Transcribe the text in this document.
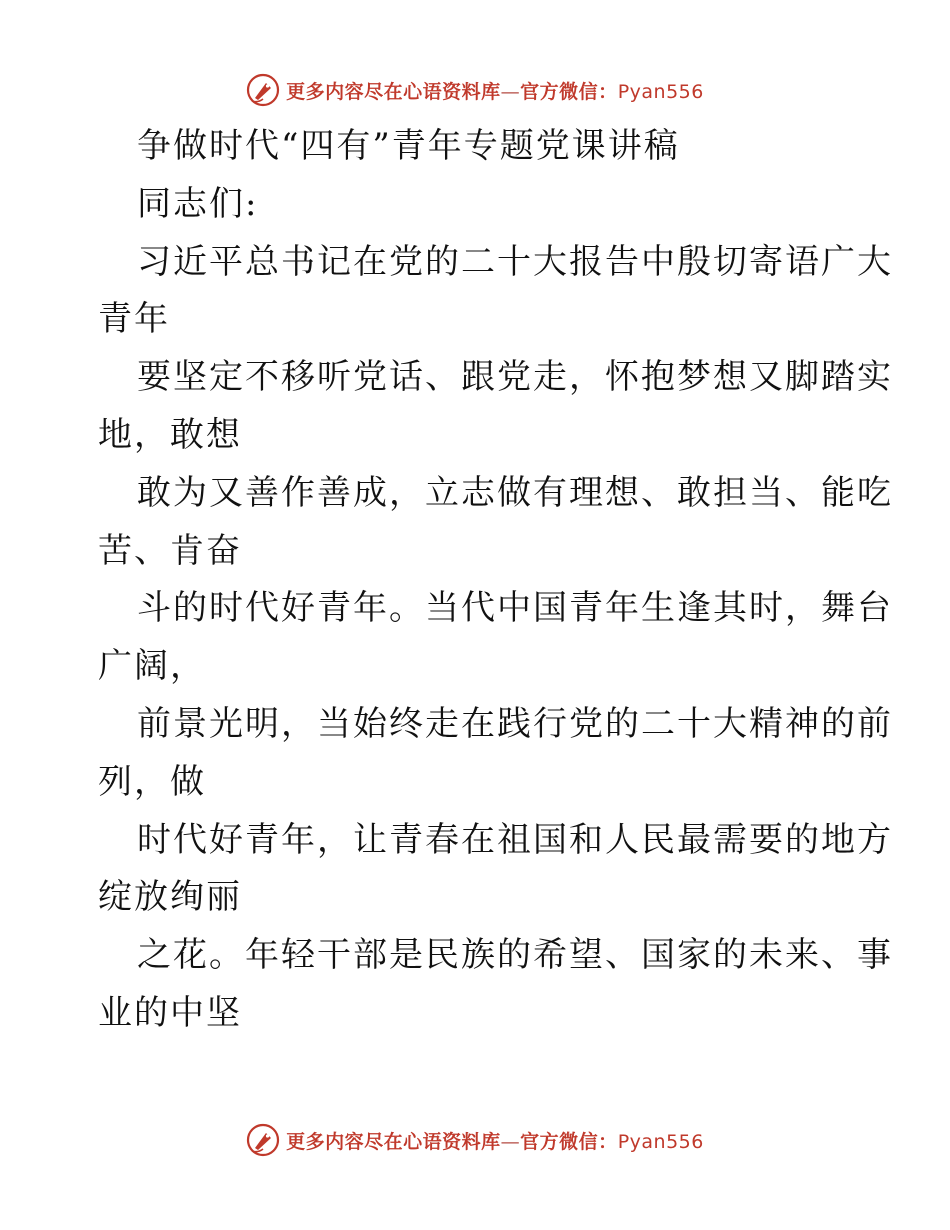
更多内容尽在心语资料库—官方微信：Pyan556
争做时代“四有”青年专题党课讲稿
同志们:
习近平总书记在党的二十大报告中殷切寄语广大
青年
要坚定不移听党话、跟党走，怀抱梦想又脚踏实
地，敢想
敢为又善作善成，立志做有理想、敢担当、能吃
苦、肯奋
斗的时代好青年。当代中国青年生逢其时，舞台
广阔，
前景光明，当始终走在践行党的二十大精神的前
列，做
时代好青年，让青春在祖国和人民最需要的地方
绽放绚丽
之花。年轻干部是民族的希望、国家的未来、事
业的中坚
更多内容尽在心语资料库—官方微信：Pyan556
